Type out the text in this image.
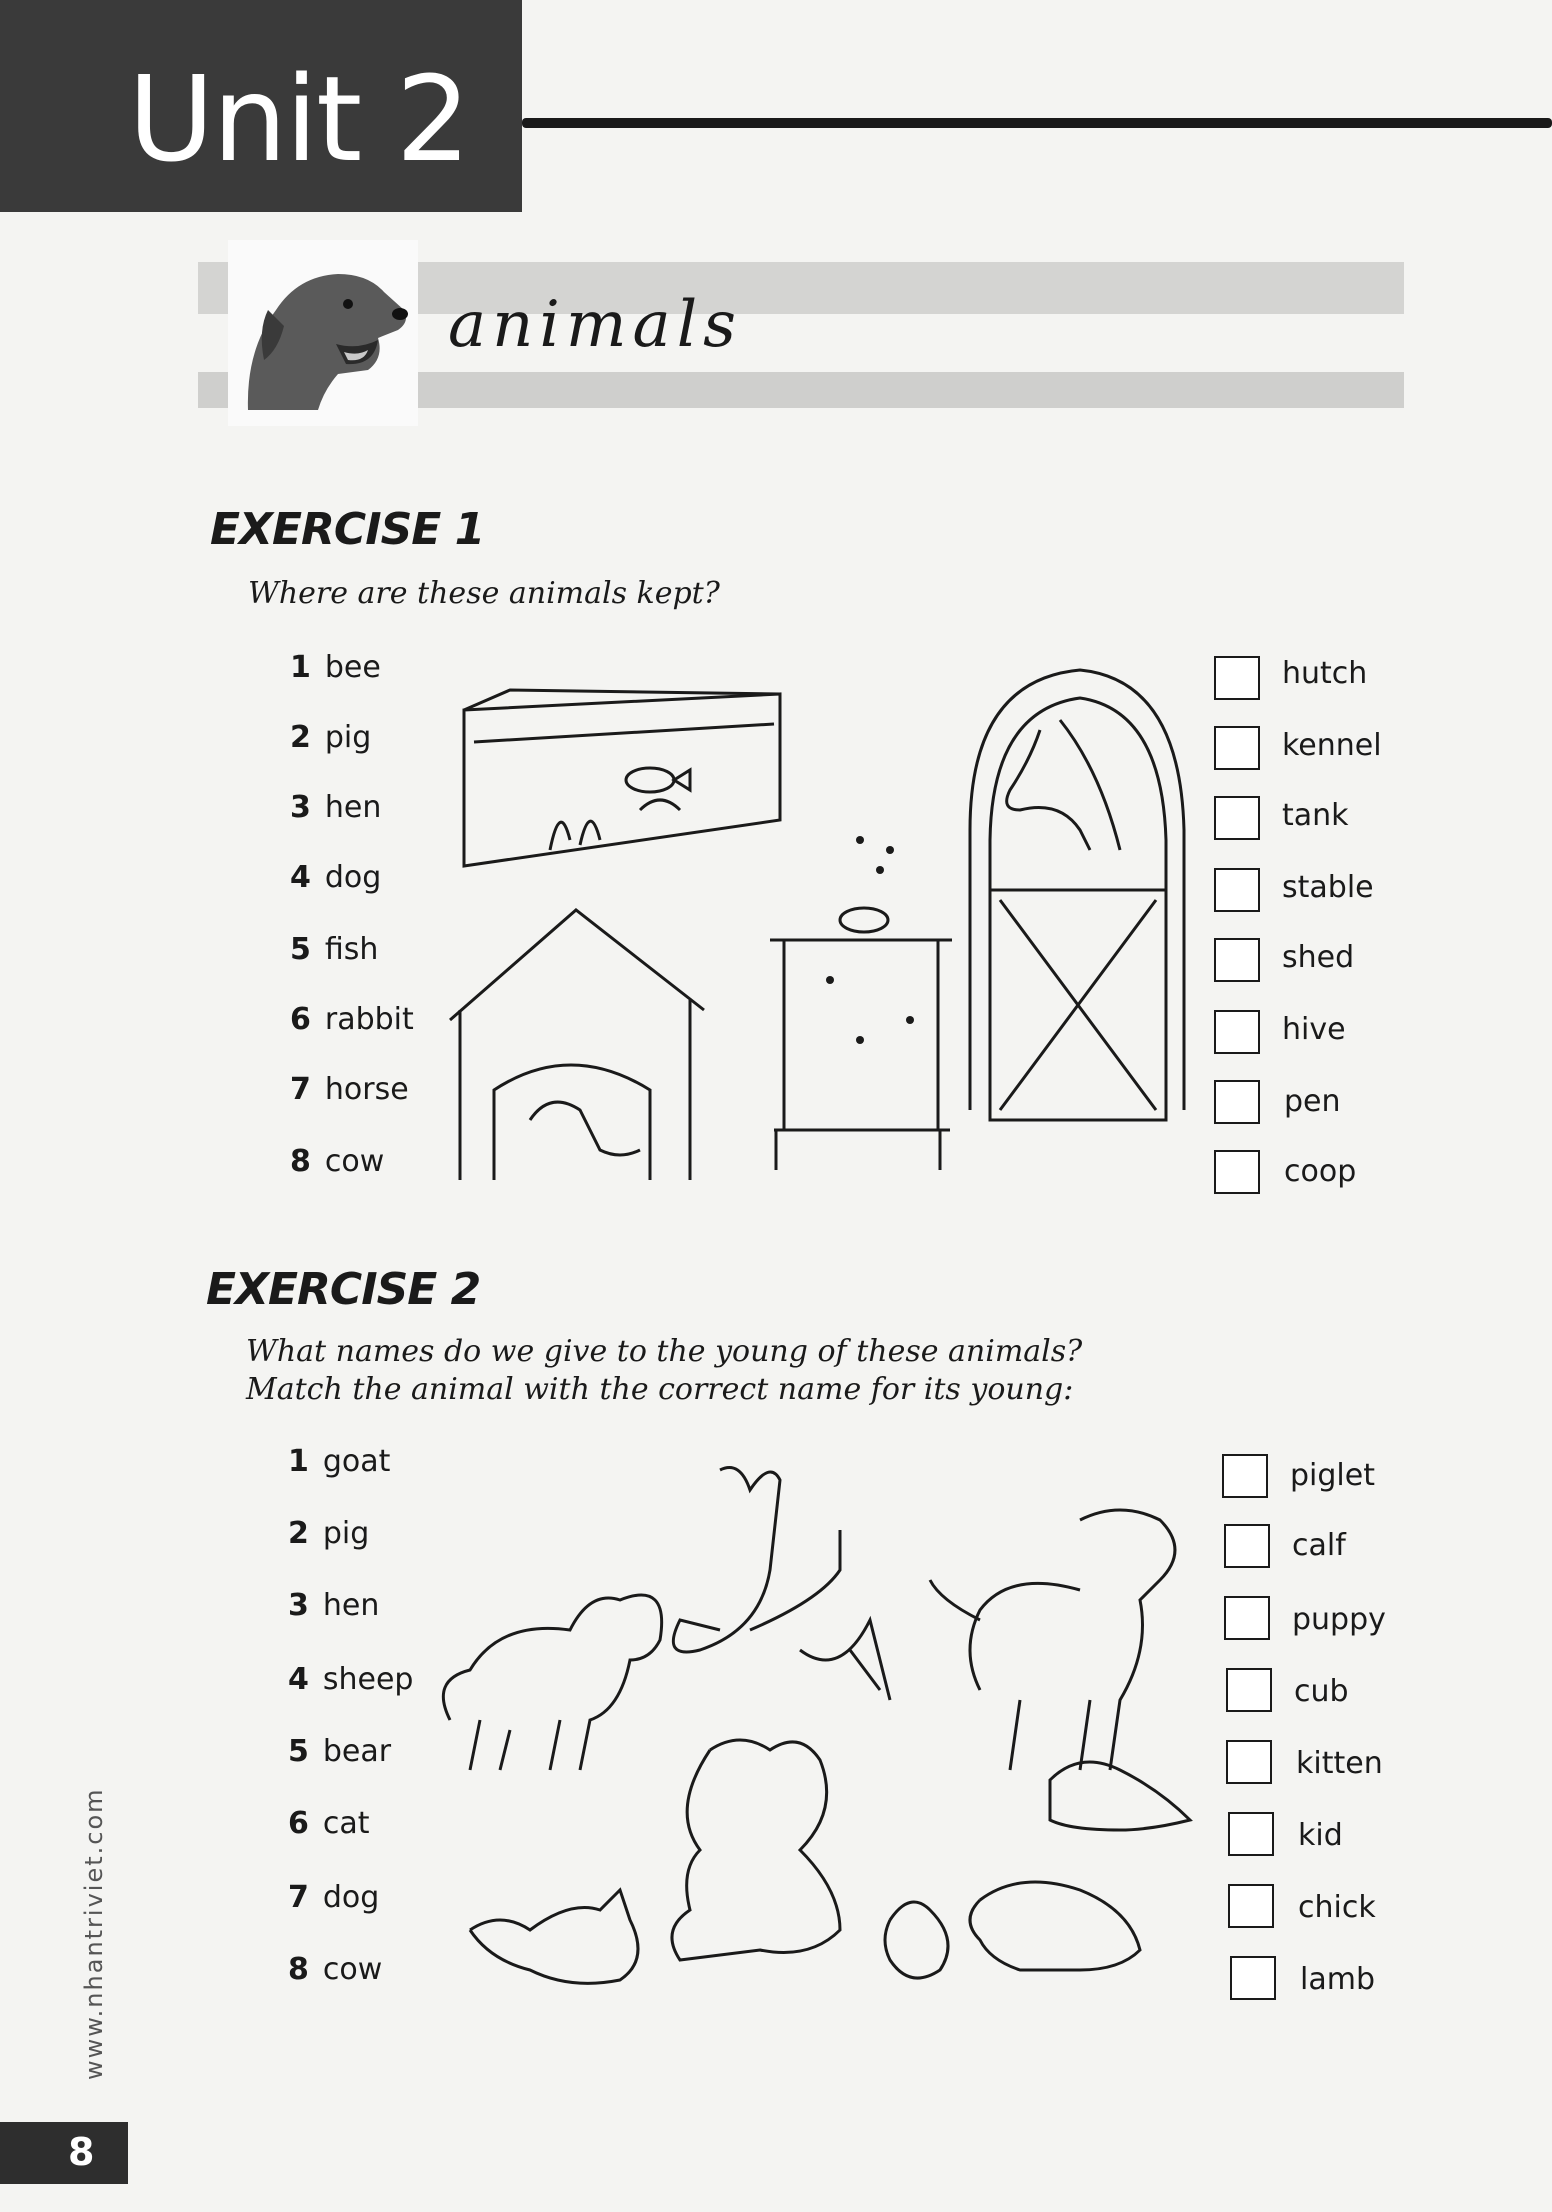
Unit 2
animals
EXERCISE 1
Where are these animals kept?
1 bee
2 pig
3 hen
4 dog
5 fish
6 rabbit
7 horse
8 cow
hutch
kennel
tank
stable
shed
hive
pen
coop
EXERCISE 2
What names do we give to the young of these animals?
Match the animal with the correct name for its young:
1 goat
2 pig
3 hen
4 sheep
5 bear
6 cat
7 dog
8 cow
piglet
calf
puppy
cub
kitten
kid
chick
lamb
www.nhantriviet.com
8
